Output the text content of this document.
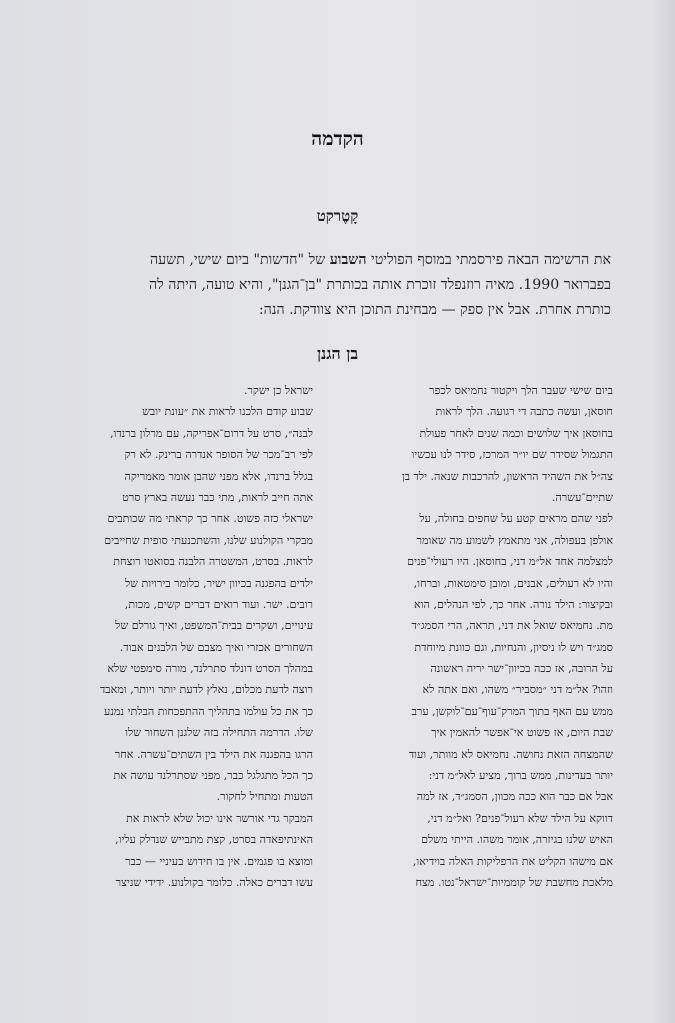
הקדמה
קָטֶרקט
את הרשימה הבאה פירסמתי במוסף הפוליטי השבוע של "חדשות" ביום שישי, תשעה
בפברואר 1990. מאיה רוזנפלד זוכרת אותה בכותרת "בן־הגנן", והיא טועה, היתה לה
כותרת אחרת. אבל אין ספק — מבחינת התוכן היא צוודקת. הנה:
בן הגנן
ביום שישי שעבר הלך ויקטור נחמיאס לכפר
חוסאן, ועשה כתבה די רגועה. הלך לראות
בחוסאן איך שלושים וכמה שנים לאחר פעולת
התגמול שסידר שם יו״ר המרכז, סידר לנו עכשיו
צה״ל את השהיד הראשון, להרכבות שנאה. ילד בן
שתיים־עשרה.
לפני שהם מראים קטע על שחפים בחולה, על
אולפן בעפולה, אני מתאמץ לשמוע מה שאומר
למצלמה אחד אל״מ דני, בחוסאן. היו רעולי־פנים
והיו לא רעולים, אבנים, ומובן סימטאות, וברחו,
ובקיצור: הילד נורה. אחר כך, לפי הנהלים, הוא
מת. נחמיאס שואל את דני, תראה, הרי הסמג״ד
סמג״ד ויש לו ניסיון, והנחיות, וגם כוונת מיוחדת
על הרובה, אז ככה בכיוון־ישר יריה ראשונה
וזהו? אל״מ דני ״מסביר״ משהו, ואם אתה לא
ממש עם האף בתוך המרק־עוף־עם־לוקשן, ערב
שבת היום, אז פשוט אי־אפשר להאמין איך
שהמצחה הזאת נחושה. נחמיאס לא מוותר, ועוד
יותר בעדינות, ממש ברוך, מציע לאל״מ דני:
אבל אם כבר הוא ככה מכוון, הסמג״ד, אז למה
דווקא על הילד שלא רעול־פנים? ואל״מ דני,
האיש שלנו בגיזרה, אומר משהו. הייתי משלם
אם מישהו הקליט את הרפליקות האלה בוידיאו,
מלאכת מחשבת של קוממיות־ישראל־נטו. מצח
ישראל כן ישקר.
שבוע קודם הלכנו לראות את ״עונת יובש
לבנה״, סרט על דרום־אפריקה, עם מרלון ברנדו,
לפי רב־מכר של הסופר אנדרה ברינק. לא רק
בגלל ברנדו, אלא מפני שהבן אומר מאמריקה
אתה חייב לראות, מתי כבר נעשה בארץ סרט
ישראלי כזה פשוט. אחר כך קראתי מה שכותבים
מבקרי הקולנוע שלנו, והשתכנעתי סופית שחייבים
לראות. בסרט, המשטרה הלבנה בסואטו רוצחת
ילדים בהפגנה בכיוון ישיר, כלומר בירויות של
רובים. ישר. ועוד רואים דברים קשים, מכות,
עינויים, ושקרים בבית־המשפט, ואיך גורלם של
השחורים אכזרי ואיך מצבם של הלבנים אבוד.
במהלך הסרט דונלד סתרלנד, מורה סימפטי שלא
רוצה לדעת מכלום, נאלץ לדעת יותר ויותר, ומאבד
כך את כל עולמו בתהליך ההתפכחות הבלתי נמנע
שלו. הדרמה התחילה בזה שלגנן השחור שלו
הרגו בהפגנה את הילד בין השתים־עשרה. אחר
כך הכל מתגלגל כבר, מפני שסתרלנד עושה את
הטעות ומתחיל לחקור.
המבקר גדי אורשר אינו יכול שלא לראות את
האינתיפאדה בסרט, קצת מתבייש שנדלק עליו,
ומוצא בו פגמים. אין בו חידוש בעיניי — כבר
עשו דברים כאלה. כלומר בקולנוע. ידידי שניצר
